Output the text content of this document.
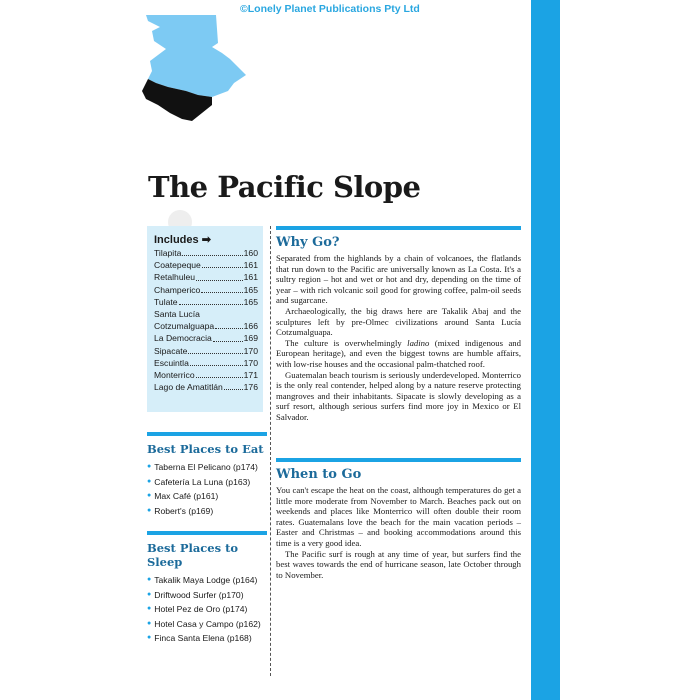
©Lonely Planet Publications Pty Ltd
The Pacific Slope
Includes ➡
Tilapita	160
Coatepeque	161
Retalhuleu	161
Champerico	165
Tulate	165
Santa Lucía
Cotzumalguapa	166
La Democracia	169
Sipacate	170
Escuintla	170
Monterrico	171
Lago de Amatitlán 176
Best Places to Eat
● Taberna El Pelicano (p174)
● Cafetería La Luna (p163)
● Max Café (p161)
● Robert's (p169)
Best Places to
Sleep
● Takalik Maya Lodge (p164)
● Driftwood Surfer (p170)
● Hotel Pez de Oro (p174)
● Hotel Casa y Campo (p162)
● Finca Santa Elena (p168)
Why Go?

Separated from the highlands by a chain of volcanoes, the flatlands that run down to the Pacific are universally known as La Costa. It's a sultry region – hot and wet or hot and dry, depending on the time of year – with rich volcanic soil good for growing coffee, palm-oil seeds and sugarcane.

Archaeologically, the big draws here are Takalik Abaj and the sculptures left by pre-Olmec civilizations around Santa Lucía Cotzumalguapa.

The culture is overwhelmingly ladino (mixed indigenous and European heritage), and even the biggest towns are humble affairs, with low-rise houses and the occasional palm-thatched roof.

Guatemalan beach tourism is seriously underdeveloped. Monterrico is the only real contender, helped along by a nature reserve protecting mangroves and their inhabitants. Sipacate is slowly developing as a surf resort, although serious surfers find more joy in Mexico or El Salvador.

When to Go

You can't escape the heat on the coast, although temperatures do get a little more moderate from November to March. Beaches pack out on weekends and places like Monterrico will often double their room rates. Guatemalans love the beach for the main vacation periods – Easter and Christmas – and booking accommodations around this time is a very good idea.

The Pacific surf is rough at any time of year, but surfers find the best waves towards the end of hurricane season, late October through to November.
